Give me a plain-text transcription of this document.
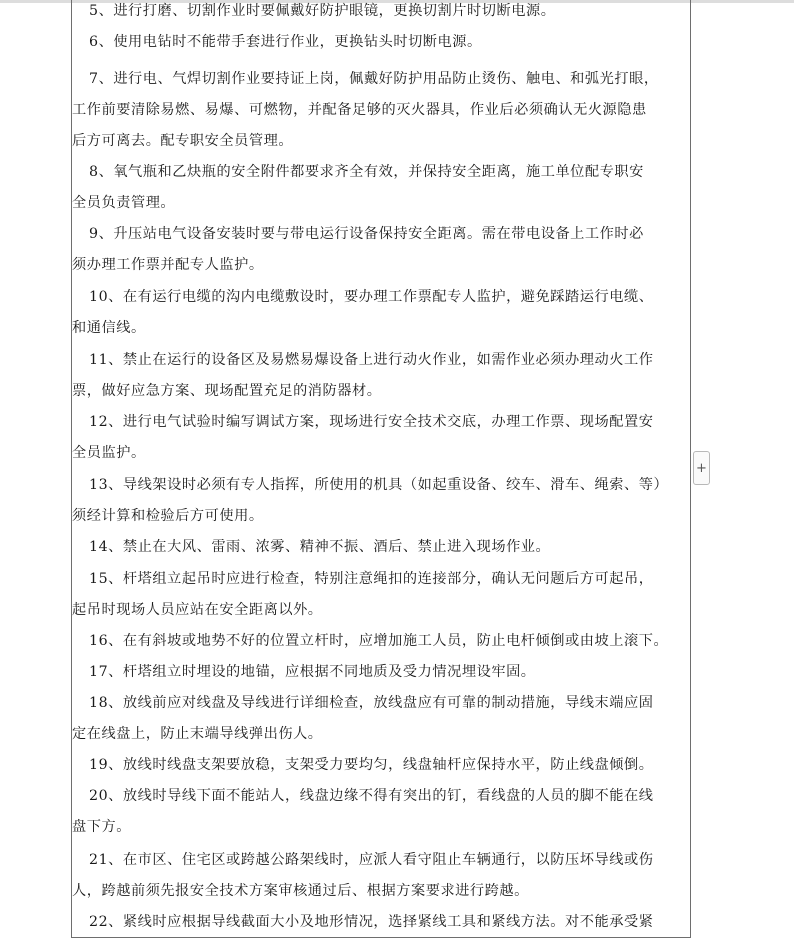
5、进行打磨、切割作业时要佩戴好防护眼镜，更换切割片时切断电源。
6、使用电钻时不能带手套进行作业，更换钻头时切断电源。
7、进行电、气焊切割作业要持证上岗，佩戴好防护用品防止烫伤、触电、和弧光打眼，
工作前要清除易燃、易爆、可燃物，并配备足够的灭火器具，作业后必须确认无火源隐患
后方可离去。配专职安全员管理。
8、氧气瓶和乙炔瓶的安全附件都要求齐全有效，并保持安全距离，施工单位配专职安
全员负责管理。
9、升压站电气设备安装时要与带电运行设备保持安全距离。需在带电设备上工作时必
须办理工作票并配专人监护。
10、在有运行电缆的沟内电缆敷设时，要办理工作票配专人监护，避免踩踏运行电缆、
和通信线。
11、禁止在运行的设备区及易燃易爆设备上进行动火作业，如需作业必须办理动火工作
票，做好应急方案、现场配置充足的消防器材。
12、进行电气试验时编写调试方案，现场进行安全技术交底，办理工作票、现场配置安
全员监护。
13、导线架设时必须有专人指挥，所使用的机具（如起重设备、绞车、滑车、绳索、等）
须经计算和检验后方可使用。
14、禁止在大风、雷雨、浓雾、精神不振、酒后、禁止进入现场作业。
15、杆塔组立起吊时应进行检查，特别注意绳扣的连接部分，确认无问题后方可起吊，
起吊时现场人员应站在安全距离以外。
16、在有斜坡或地势不好的位置立杆时，应增加施工人员，防止电杆倾倒或由坡上滚下。
17、杆塔组立时埋设的地锚，应根据不同地质及受力情况埋设牢固。
18、放线前应对线盘及导线进行详细检查，放线盘应有可靠的制动措施，导线末端应固
定在线盘上，防止末端导线弹出伤人。
19、放线时线盘支架要放稳，支架受力要均匀，线盘轴杆应保持水平，防止线盘倾倒。
20、放线时导线下面不能站人，线盘边缘不得有突出的钉，看线盘的人员的脚不能在线
盘下方。
21、在市区、住宅区或跨越公路架线时，应派人看守阻止车辆通行，以防压坏导线或伤
人，跨越前须先报安全技术方案审核通过后、根据方案要求进行跨越。
22、紧线时应根据导线截面大小及地形情况，选择紧线工具和紧线方法。对不能承受紧
+
